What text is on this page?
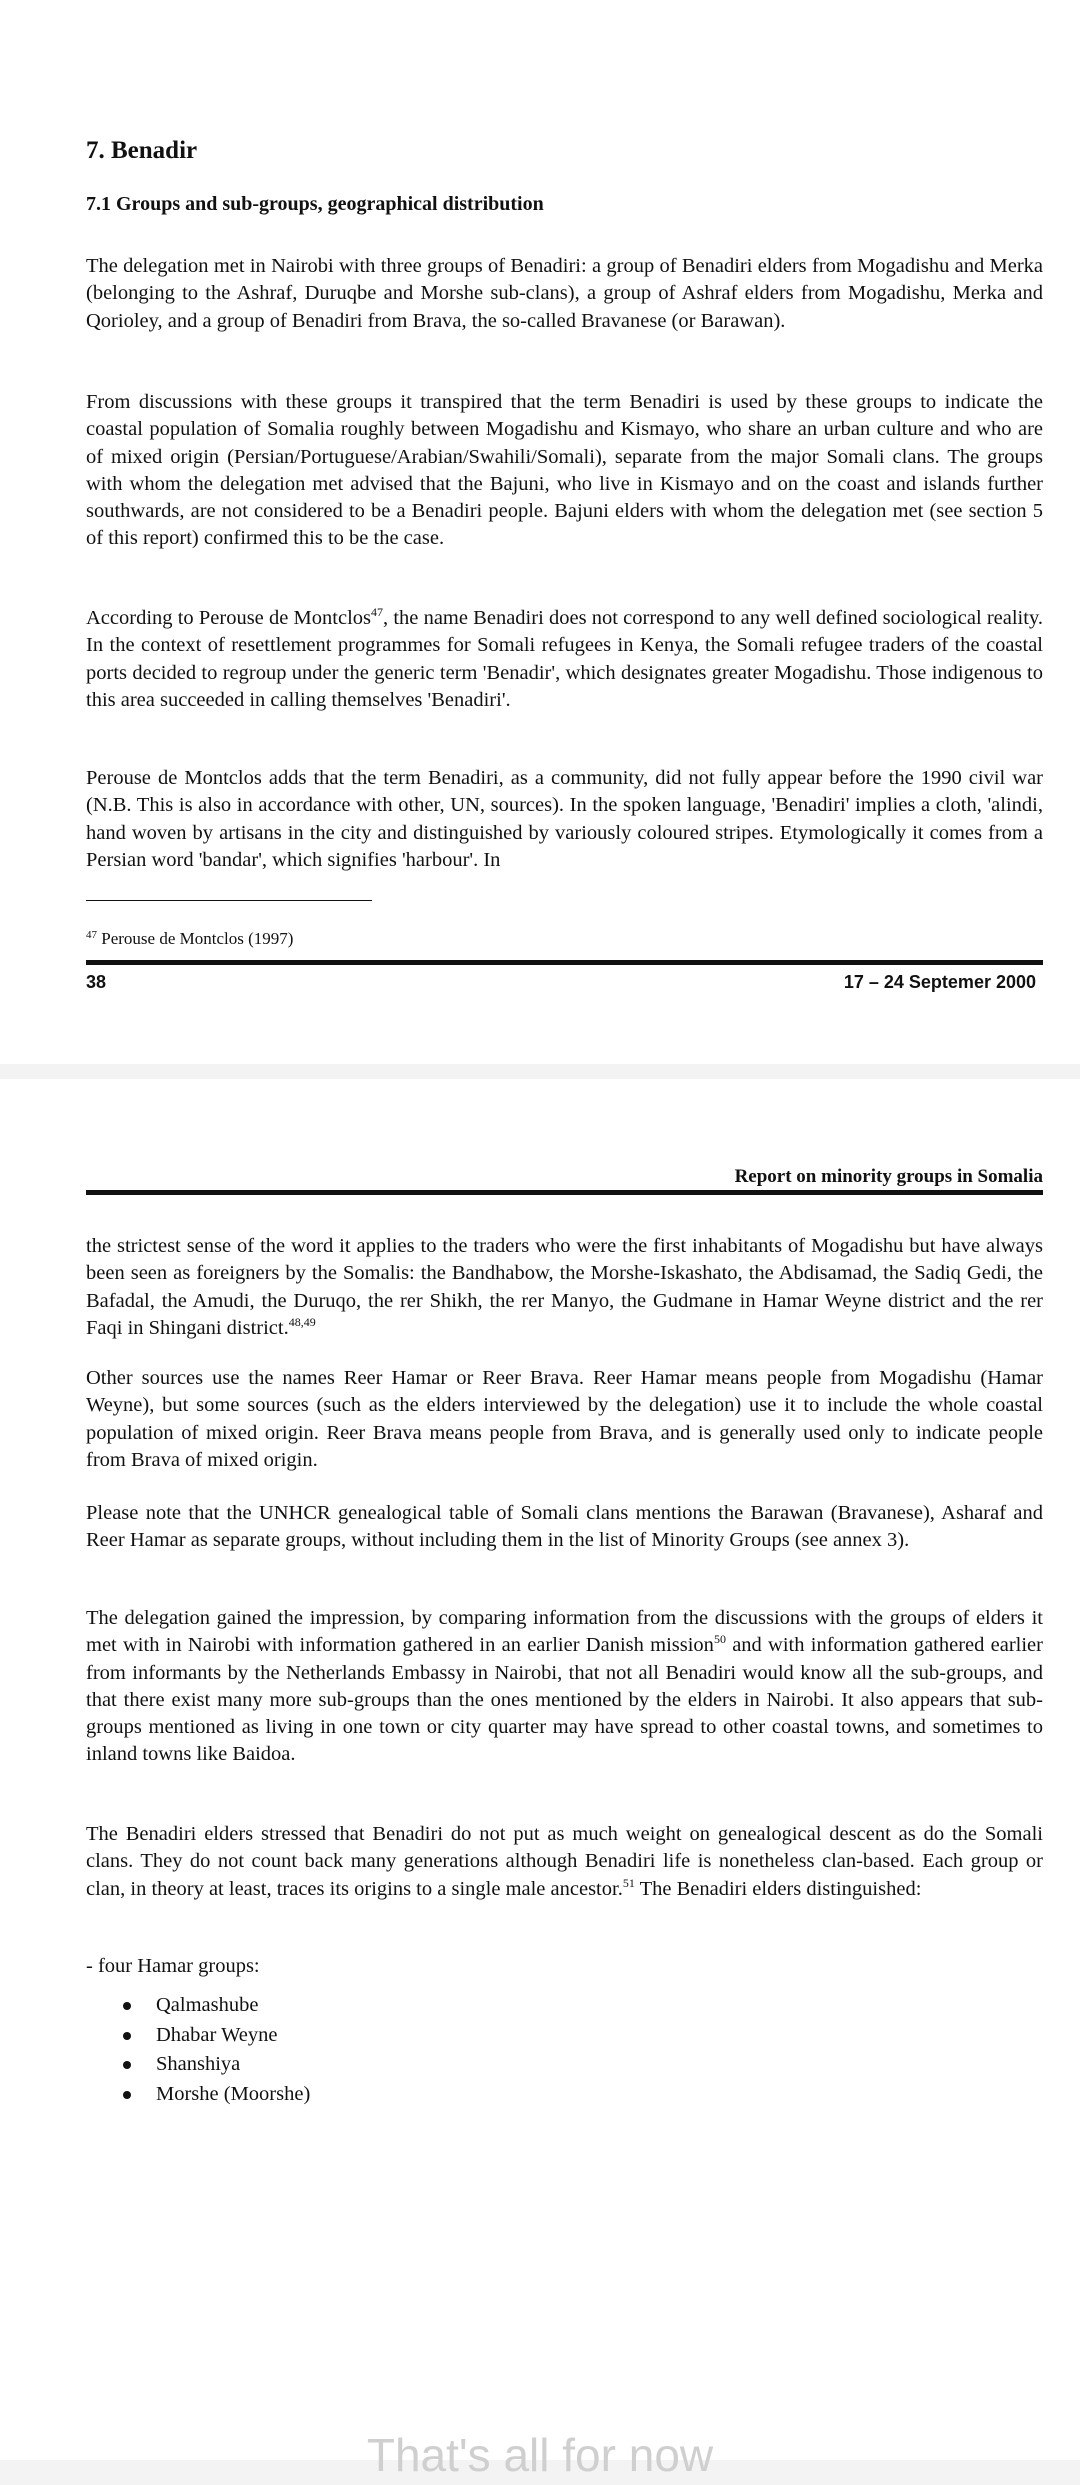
7. Benadir
7.1 Groups and sub-groups, geographical distribution

The delegation met in Nairobi with three groups of Benadiri: a group of Benadiri elders from Mogadishu and Merka (belonging to the Ashraf, Duruqbe and Morshe sub-clans), a group of Ashraf elders from Mogadishu, Merka and Qorioley, and a group of Benadiri from Brava, the so-called Bravanese (or Barawan).

From discussions with these groups it transpired that the term Benadiri is used by these groups to indicate the coastal population of Somalia roughly between Mogadishu and Kismayo, who share an urban culture and who are of mixed origin (Persian/Portuguese/Arabian/Swahili/Somali), separate from the major Somali clans. The groups with whom the delegation met advised that the Bajuni, who live in Kismayo and on the coast and islands further southwards, are not considered to be a Benadiri people. Bajuni elders with whom the delegation met (see section 5 of this report) confirmed this to be the case.

According to Perouse de Montclos$^{47}$, the name Benadiri does not correspond to any well defined sociological reality. In the context of resettlement programmes for Somali refugees in Kenya, the Somali refugee traders of the coastal ports decided to regroup under the generic term 'Benadir', which designates greater Mogadishu. Those indigenous to this area succeeded in calling themselves 'Benadiri'.

Perouse de Montclos adds that the term Benadiri, as a community, did not fully appear before the 1990 civil war (N.B. This is also in accordance with other, UN, sources). In the spoken language, 'Benadiri' implies a cloth, 'alindi, hand woven by artisans in the city and distinguished by variously coloured stripes. Etymologically it comes from a Persian word 'bandar', which signifies 'harbour'. In

$^{47}$ Perouse de Montclos (1997)
38	17 – 24 Septemer 2000
Report on minority groups in Somalia

the strictest sense of the word it applies to the traders who were the first inhabitants of Mogadishu but have always been seen as foreigners by the Somalis: the Bandhabow, the Morshe-Iskashato, the Abdisamad, the Sadiq Gedi, the Bafadal, the Amudi, the Duruqo, the rer Shikh, the rer Manyo, the Gudmane in Hamar Weyne district and the rer Faqi in Shingani district.$^{48,49}$

Other sources use the names Reer Hamar or Reer Brava. Reer Hamar means people from Mogadishu (Hamar Weyne), but some sources (such as the elders interviewed by the delegation) use it to include the whole coastal population of mixed origin. Reer Brava means people from Brava, and is generally used only to indicate people from Brava of mixed origin.

Please note that the UNHCR genealogical table of Somali clans mentions the Barawan (Bravanese), Asharaf and Reer Hamar as separate groups, without including them in the list of Minority Groups (see annex 3).

The delegation gained the impression, by comparing information from the discussions with the groups of elders it met with in Nairobi with information gathered in an earlier Danish mission$^{50}$ and with information gathered earlier from informants by the Netherlands Embassy in Nairobi, that not all Benadiri would know all the sub-groups, and that there exist many more sub-groups than the ones mentioned by the elders in Nairobi. It also appears that sub-groups mentioned as living in one town or city quarter may have spread to other coastal towns, and sometimes to inland towns like Baidoa.

The Benadiri elders stressed that Benadiri do not put as much weight on genealogical descent as do the Somali clans. They do not count back many generations although Benadiri life is nonetheless clan-based. Each group or clan, in theory at least, traces its origins to a single male ancestor.$^{51}$ The Benadiri elders distinguished:

- four Hamar groups:

Qalmashube
Dhabar Weyne
Shanshiya
Morshe (Moorshe)
That's all for now
